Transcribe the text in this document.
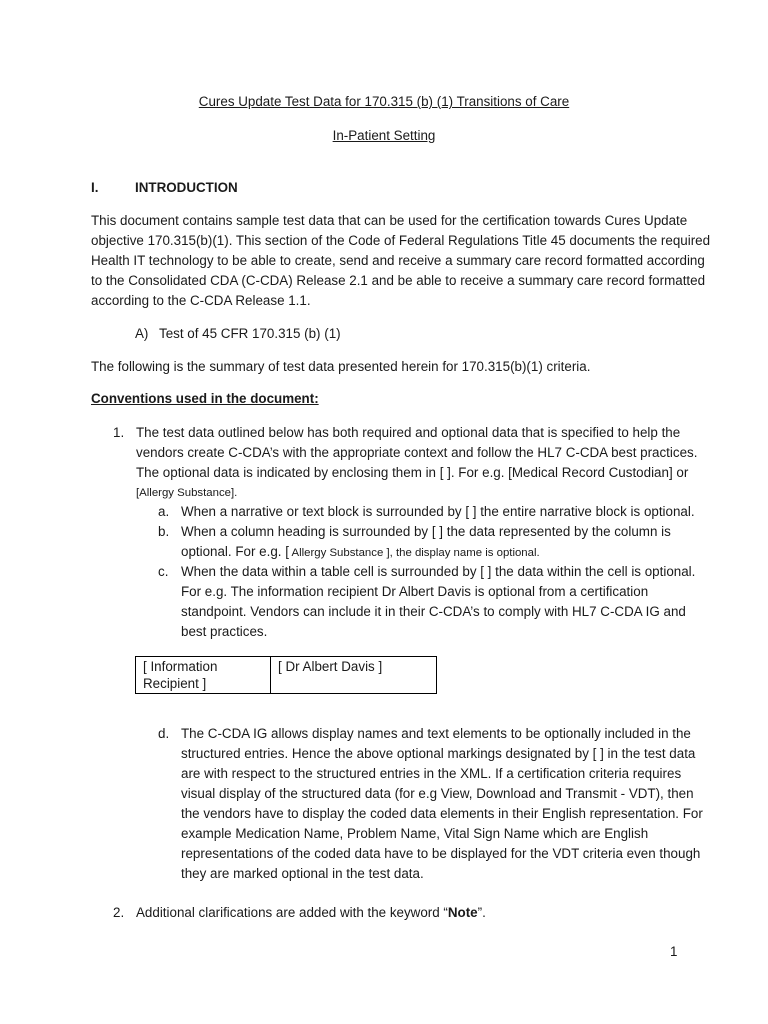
Cures Update Test Data for 170.315 (b) (1) Transitions of Care
In-Patient Setting
I.	INTRODUCTION
This document contains sample test data that can be used for the certification towards Cures Update
objective 170.315(b)(1). This section of the Code of Federal Regulations Title 45 documents the required
Health IT technology to be able to create, send and receive a summary care record formatted according
to the Consolidated CDA (C-CDA) Release 2.1 and be able to receive a summary care record formatted
according to the C-CDA Release 1.1.
A) Test of 45 CFR 170.315 (b) (1)
The following is the summary of test data presented herein for 170.315(b)(1) criteria.
Conventions used in the document:
1. The test data outlined below has both required and optional data that is specified to help the
vendors create C-CDA’s with the appropriate context and follow the HL7 C-CDA best practices.
The optional data is indicated by enclosing them in [ ]. For e.g. [Medical Record Custodian] or
[Allergy Substance].
a. When a narrative or text block is surrounded by [ ] the entire narrative block is optional.
b. When a column heading is surrounded by [ ] the data represented by the column is
optional. For e.g. [ Allergy Substance ], the display name is optional.
c. When the data within a table cell is surrounded by [ ] the data within the cell is optional.
For e.g. The information recipient Dr Albert Davis is optional from a certification
standpoint. Vendors can include it in their C-CDA’s to comply with HL7 C-CDA IG and
best practices.
[ Information
Recipient ]
	[ Dr Albert Davis ]
d. The C-CDA IG allows display names and text elements to be optionally included in the
structured entries. Hence the above optional markings designated by [ ] in the test data
are with respect to the structured entries in the XML. If a certification criteria requires
visual display of the structured data (for e.g View, Download and Transmit - VDT), then
the vendors have to display the coded data elements in their English representation. For
example Medication Name, Problem Name, Vital Sign Name which are English
representations of the coded data have to be displayed for the VDT criteria even though
they are marked optional in the test data.
2. Additional clarifications are added with the keyword “Note”.
1
